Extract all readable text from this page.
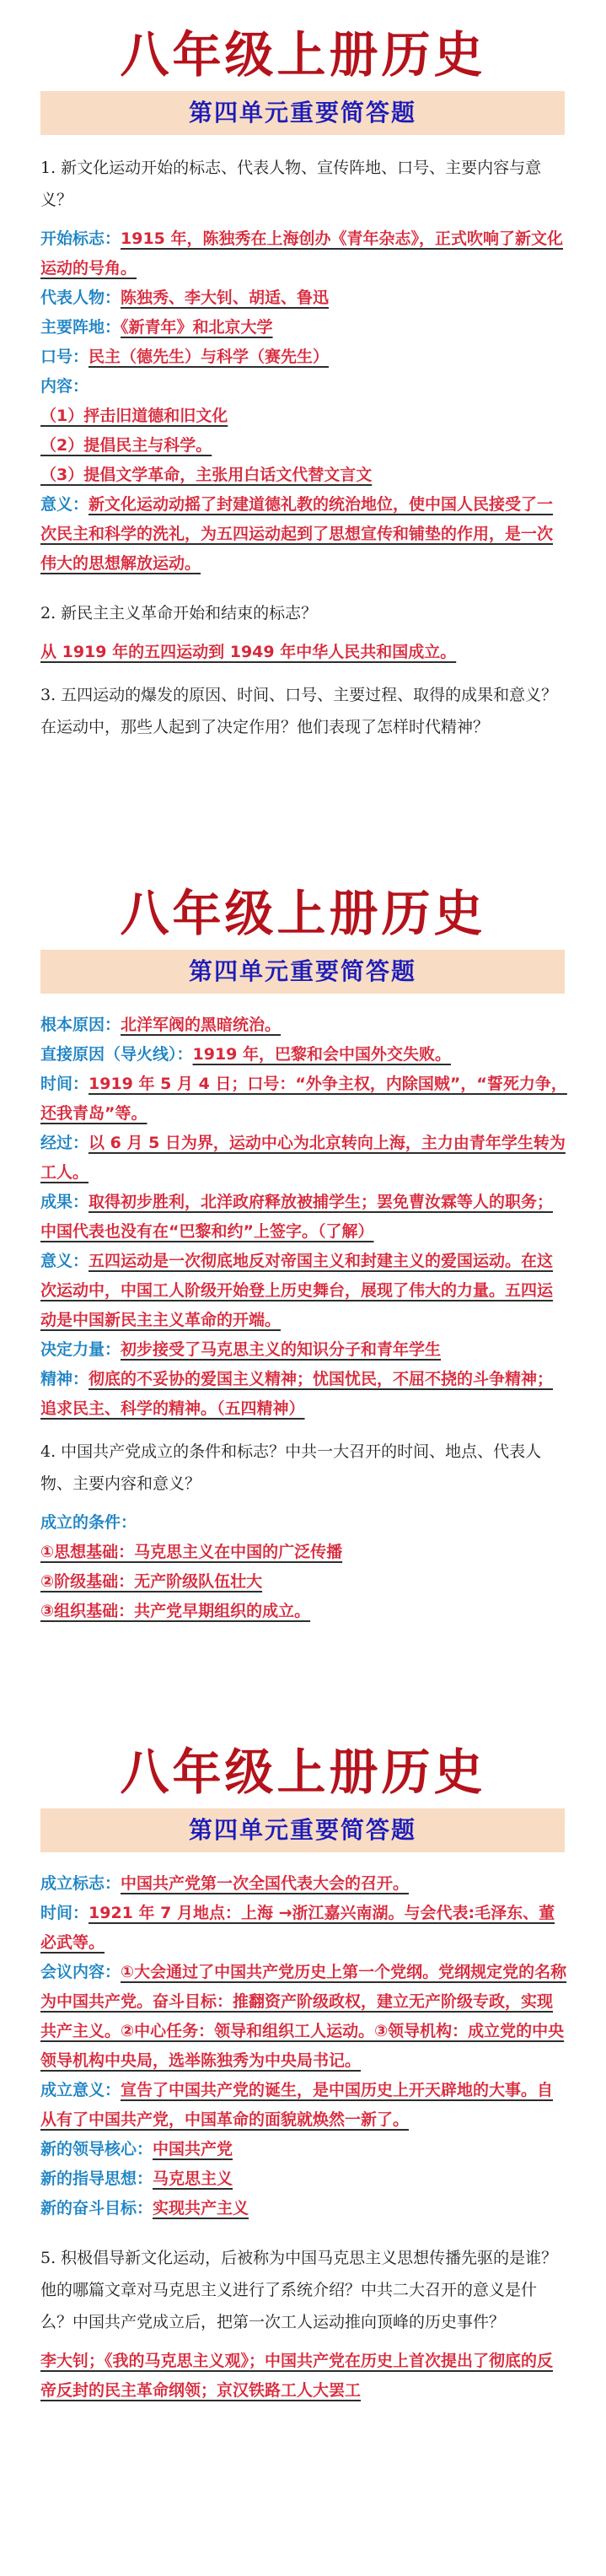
八年级上册历史
第四单元重要简答题

1. 新文化运动开始的标志、代表人物、宣传阵地、口号、主要内容与意义？

开始标志：1915 年，陈独秀在上海创办《青年杂志》，正式吹响了新文化运动的号角。

代表人物：陈独秀、李大钊、胡适、鲁迅

主要阵地：《新青年》和北京大学

口号：民主（德先生）与科学（赛先生）

内容：

（1）抨击旧道德和旧文化

（2）提倡民主与科学。

（3）提倡文学革命，主张用白话文代替文言文

意义：新文化运动动摇了封建道德礼教的统治地位，使中国人民接受了一次民主和科学的洗礼，为五四运动起到了思想宣传和铺垫的作用，是一次伟大的思想解放运动。

2. 新民主主义革命开始和结束的标志？

从 1919 年的五四运动到 1949 年中华人民共和国成立。

3. 五四运动的爆发的原因、时间、口号、主要过程、取得的成果和意义？在运动中，那些人起到了决定作用？他们表现了怎样时代精神？

八年级上册历史
第四单元重要简答题

根本原因：北洋军阀的黑暗统治。

直接原因（导火线）：1919 年，巴黎和会中国外交失败。

时间：1919 年 5 月 4 日；口号：“外争主权，内除国贼”，“誓死力争，还我青岛”等。

经过：以 6 月 5 日为界，运动中心为北京转向上海，主力由青年学生转为工人。

成果：取得初步胜利，北洋政府释放被捕学生；罢免曹汝霖等人的职务；中国代表也没有在“巴黎和约”上签字。（了解）

意义：五四运动是一次彻底地反对帝国主义和封建主义的爱国运动。在这次运动中，中国工人阶级开始登上历史舞台，展现了伟大的力量。五四运动是中国新民主主义革命的开端。

决定力量：初步接受了马克思主义的知识分子和青年学生

精神：彻底的不妥协的爱国主义精神；忧国忧民，不屈不挠的斗争精神；追求民主、科学的精神。（五四精神）

4. 中国共产党成立的条件和标志？中共一大召开的时间、地点、代表人物、主要内容和意义？

成立的条件：

①思想基础：马克思主义在中国的广泛传播

②阶级基础：无产阶级队伍壮大

③组织基础：共产党早期组织的成立。

八年级上册历史
第四单元重要简答题

成立标志：中国共产党第一次全国代表大会的召开。

时间：1921 年 7 月地点：上海 →浙江嘉兴南湖。与会代表:毛泽东、董必武等。

会议内容：①大会通过了中国共产党历史上第一个党纲。党纲规定党的名称为中国共产党。奋斗目标：推翻资产阶级政权，建立无产阶级专政，实现共产主义。②中心任务：领导和组织工人运动。③领导机构：成立党的中央领导机构中央局，选举陈独秀为中央局书记。

成立意义：宣告了中国共产党的诞生，是中国历史上开天辟地的大事。自从有了中国共产党，中国革命的面貌就焕然一新了。

新的领导核心：中国共产党

新的指导思想：马克思主义

新的奋斗目标：实现共产主义

5. 积极倡导新文化运动，后被称为中国马克思主义思想传播先驱的是谁？他的哪篇文章对马克思主义进行了系统介绍？中共二大召开的意义是什么？中国共产党成立后，把第一次工人运动推向顶峰的历史事件？

李大钊；《我的马克思主义观》；中国共产党在历史上首次提出了彻底的反帝反封的民主革命纲领；京汉铁路工人大罢工
